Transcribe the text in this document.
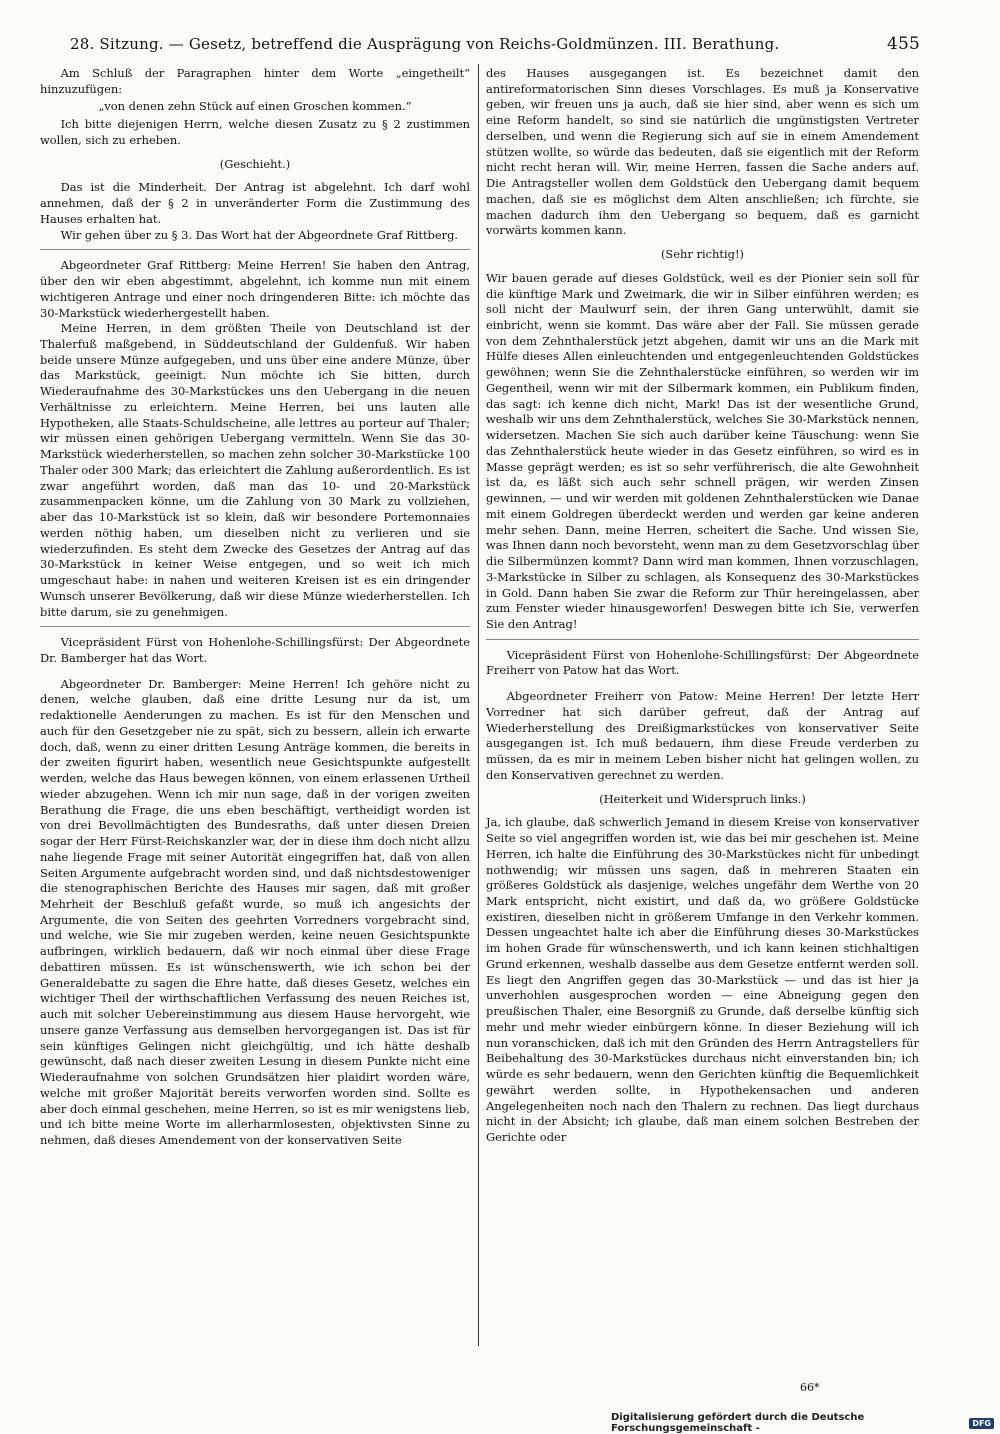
28. Sitzung. — Gesetz, betreffend die Ausprägung von Reichs-Goldmünzen. III. Berathung.	455

Am Schluß der Paragraphen hinter dem Worte „eingetheilt“ hinzuzufügen:

„von denen zehn Stück auf einen Groschen kommen.“

Ich bitte diejenigen Herrn, welche diesen Zusatz zu § 2 zustimmen wollen, sich zu erheben.

(Geschieht.)

Das ist die Minderheit. Der Antrag ist abgelehnt. Ich darf wohl annehmen, daß der § 2 in unveränderter Form die Zustimmung des Hauses erhalten hat.

Wir gehen über zu § 3. Das Wort hat der Abgeordnete Graf Rittberg.

Abgeordneter Graf Rittberg: Meine Herren! Sie haben den Antrag, über den wir eben abgestimmt, abgelehnt, ich komme nun mit einem wichtigeren Antrage und einer noch dringenderen Bitte: ich möchte das 30-Markstück wiederhergestellt haben.

Meine Herren, in dem größten Theile von Deutschland ist der Thalerfuß maßgebend, in Süddeutschland der Guldenfuß. Wir haben beide unsere Münze aufgegeben, und uns über eine andere Münze, über das Markstück, geeinigt. Nun möchte ich Sie bitten, durch Wiederaufnahme des 30-Markstückes uns den Uebergang in die neuen Verhältnisse zu erleichtern. Meine Herren, bei uns lauten alle Hypotheken, alle Staats-Schuldscheine, alle lettres au porteur auf Thaler; wir müssen einen gehörigen Uebergang vermitteln. Wenn Sie das 30-Markstück wiederherstellen, so machen zehn solcher 30-Markstücke 100 Thaler oder 300 Mark; das erleichtert die Zahlung außerordentlich. Es ist zwar angeführt worden, daß man das 10- und 20-Markstück zusammenpacken könne, um die Zahlung von 30 Mark zu vollziehen, aber das 10-Markstück ist so klein, daß wir besondere Portemonnaies werden nöthig haben, um dieselben nicht zu verlieren und sie wiederzufinden. Es steht dem Zwecke des Gesetzes der Antrag auf das 30-Markstück in keiner Weise entgegen, und so weit ich mich umgeschaut habe: in nahen und weiteren Kreisen ist es ein dringender Wunsch unserer Bevölkerung, daß wir diese Münze wiederherstellen. Ich bitte darum, sie zu genehmigen.

Vicepräsident Fürst von Hohenlohe-Schillingsfürst: Der Abgeordnete Dr. Bamberger hat das Wort.

Abgeordneter Dr. Bamberger: Meine Herren! Ich gehöre nicht zu denen, welche glauben, daß eine dritte Lesung nur da ist, um redaktionelle Aenderungen zu machen. Es ist für den Menschen und auch für den Gesetzgeber nie zu spät, sich zu bessern, allein ich erwarte doch, daß, wenn zu einer dritten Lesung Anträge kommen, die bereits in der zweiten figurirt haben, wesentlich neue Gesichtspunkte aufgestellt werden, welche das Haus bewegen können, von einem erlassenen Urtheil wieder abzugehen. Wenn ich mir nun sage, daß in der vorigen zweiten Berathung die Frage, die uns eben beschäftigt, vertheidigt worden ist von drei Bevollmächtigten des Bundesraths, daß unter diesen Dreien sogar der Herr Fürst-Reichskanzler war, der in diese ihm doch nicht allzu nahe liegende Frage mit seiner Autorität eingegriffen hat, daß von allen Seiten Argumente aufgebracht worden sind, und daß nichtsdestoweniger die stenographischen Berichte des Hauses mir sagen, daß mit großer Mehrheit der Beschluß gefaßt wurde, so muß ich angesichts der Argumente, die von Seiten des geehrten Vorredners vorgebracht sind, und welche, wie Sie mir zugeben werden, keine neuen Gesichtspunkte aufbringen, wirklich bedauern, daß wir noch einmal über diese Frage debattiren müssen. Es ist wünschenswerth, wie ich schon bei der Generaldebatte zu sagen die Ehre hatte, daß dieses Gesetz, welches ein wichtiger Theil der wirthschaftlichen Verfassung des neuen Reiches ist, auch mit solcher Uebereinstimmung aus diesem Hause hervorgeht, wie unsere ganze Verfassung aus demselben hervorgegangen ist. Das ist für sein künftiges Gelingen nicht gleichgültig, und ich hätte deshalb gewünscht, daß nach dieser zweiten Lesung in diesem Punkte nicht eine Wiederaufnahme von solchen Grundsätzen hier plaidirt worden wäre, welche mit großer Majorität bereits verworfen worden sind. Sollte es aber doch einmal geschehen, meine Herren, so ist es mir wenigstens lieb, und ich bitte meine Worte im allerharmlosesten, objektivsten Sinne zu nehmen, daß dieses Amendement von der konservativen Seite

des Hauses ausgegangen ist. Es bezeichnet damit den antireformatorischen Sinn dieses Vorschlages. Es muß ja Konservative geben, wir freuen uns ja auch, daß sie hier sind, aber wenn es sich um eine Reform handelt, so sind sie natürlich die ungünstigsten Vertreter derselben, und wenn die Regierung sich auf sie in einem Amendement stützen wollte, so würde das bedeuten, daß sie eigentlich mit der Reform nicht recht heran will. Wir, meine Herren, fassen die Sache anders auf. Die Antragsteller wollen dem Goldstück den Uebergang damit bequem machen, daß sie es möglichst dem Alten anschließen; ich fürchte, sie machen dadurch ihm den Uebergang so bequem, daß es garnicht vorwärts kommen kann.

(Sehr richtig!)

Wir bauen gerade auf dieses Goldstück, weil es der Pionier sein soll für die künftige Mark und Zweimark, die wir in Silber einführen werden; es soll nicht der Maulwurf sein, der ihren Gang unterwühlt, damit sie einbricht, wenn sie kommt. Das wäre aber der Fall. Sie müssen gerade von dem Zehnthalerstück jetzt abgehen, damit wir uns an die Mark mit Hülfe dieses Allen einleuchtenden und entgegenleuchtenden Goldstückes gewöhnen; wenn Sie die Zehnthalerstücke einführen, so werden wir im Gegentheil, wenn wir mit der Silbermark kommen, ein Publikum finden, das sagt: ich kenne dich nicht, Mark! Das ist der wesentliche Grund, weshalb wir uns dem Zehnthalerstück, welches Sie 30-Markstück nennen, widersetzen. Machen Sie sich auch darüber keine Täuschung: wenn Sie das Zehnthalerstück heute wieder in das Gesetz einführen, so wird es in Masse geprägt werden; es ist so sehr verführerisch, die alte Gewohnheit ist da, es läßt sich auch sehr schnell prägen, wir werden Zinsen gewinnen, — und wir werden mit goldenen Zehnthalerstücken wie Danae mit einem Goldregen überdeckt werden und werden gar keine anderen mehr sehen. Dann, meine Herren, scheitert die Sache. Und wissen Sie, was Ihnen dann noch bevorsteht, wenn man zu dem Gesetzvorschlag über die Silbermünzen kommt? Dann wird man kommen, Ihnen vorzuschlagen, 3-Markstücke in Silber zu schlagen, als Konsequenz des 30-Markstückes in Gold. Dann haben Sie zwar die Reform zur Thür hereingelassen, aber zum Fenster wieder hinausgeworfen! Deswegen bitte ich Sie, verwerfen Sie den Antrag!

Vicepräsident Fürst von Hohenlohe-Schillingsfürst: Der Abgeordnete Freiherr von Patow hat das Wort.

Abgeordneter Freiherr von Patow: Meine Herren! Der letzte Herr Vorredner hat sich darüber gefreut, daß der Antrag auf Wiederherstellung des Dreißigmarkstückes von konservativer Seite ausgegangen ist. Ich muß bedauern, ihm diese Freude verderben zu müssen, da es mir in meinem Leben bisher nicht hat gelingen wollen, zu den Konservativen gerechnet zu werden.

(Heiterkeit und Widerspruch links.)

Ja, ich glaube, daß schwerlich Jemand in diesem Kreise von konservativer Seite so viel angegriffen worden ist, wie das bei mir geschehen ist. Meine Herren, ich halte die Einführung des 30-Markstückes nicht für unbedingt nothwendig; wir müssen uns sagen, daß in mehreren Staaten ein größeres Goldstück als dasjenige, welches ungefähr dem Werthe von 20 Mark entspricht, nicht existirt, und daß da, wo größere Goldstücke existiren, dieselben nicht in größerem Umfange in den Verkehr kommen. Dessen ungeachtet halte ich aber die Einführung dieses 30-Markstückes im hohen Grade für wünschenswerth, und ich kann keinen stichhaltigen Grund erkennen, weshalb dasselbe aus dem Gesetze entfernt werden soll. Es liegt den Angriffen gegen das 30-Markstück — und das ist hier ja unverhohlen ausgesprochen worden — eine Abneigung gegen den preußischen Thaler, eine Besorgniß zu Grunde, daß derselbe künftig sich mehr und mehr wieder einbürgern könne. In dieser Beziehung will ich nun voranschicken, daß ich mit den Gründen des Herrn Antragstellers für Beibehaltung des 30-Markstückes durchaus nicht einverstanden bin; ich würde es sehr bedauern, wenn den Gerichten künftig die Bequemlichkeit gewährt werden sollte, in Hypothekensachen und anderen Angelegenheiten noch nach den Thalern zu rechnen. Das liegt durchaus nicht in der Absicht; ich glaube, daß man einem solchen Bestreben der Gerichte oder

66*
Digitalisierung gefördert durch die Deutsche Forschungsgemeinschaft -	DFG
